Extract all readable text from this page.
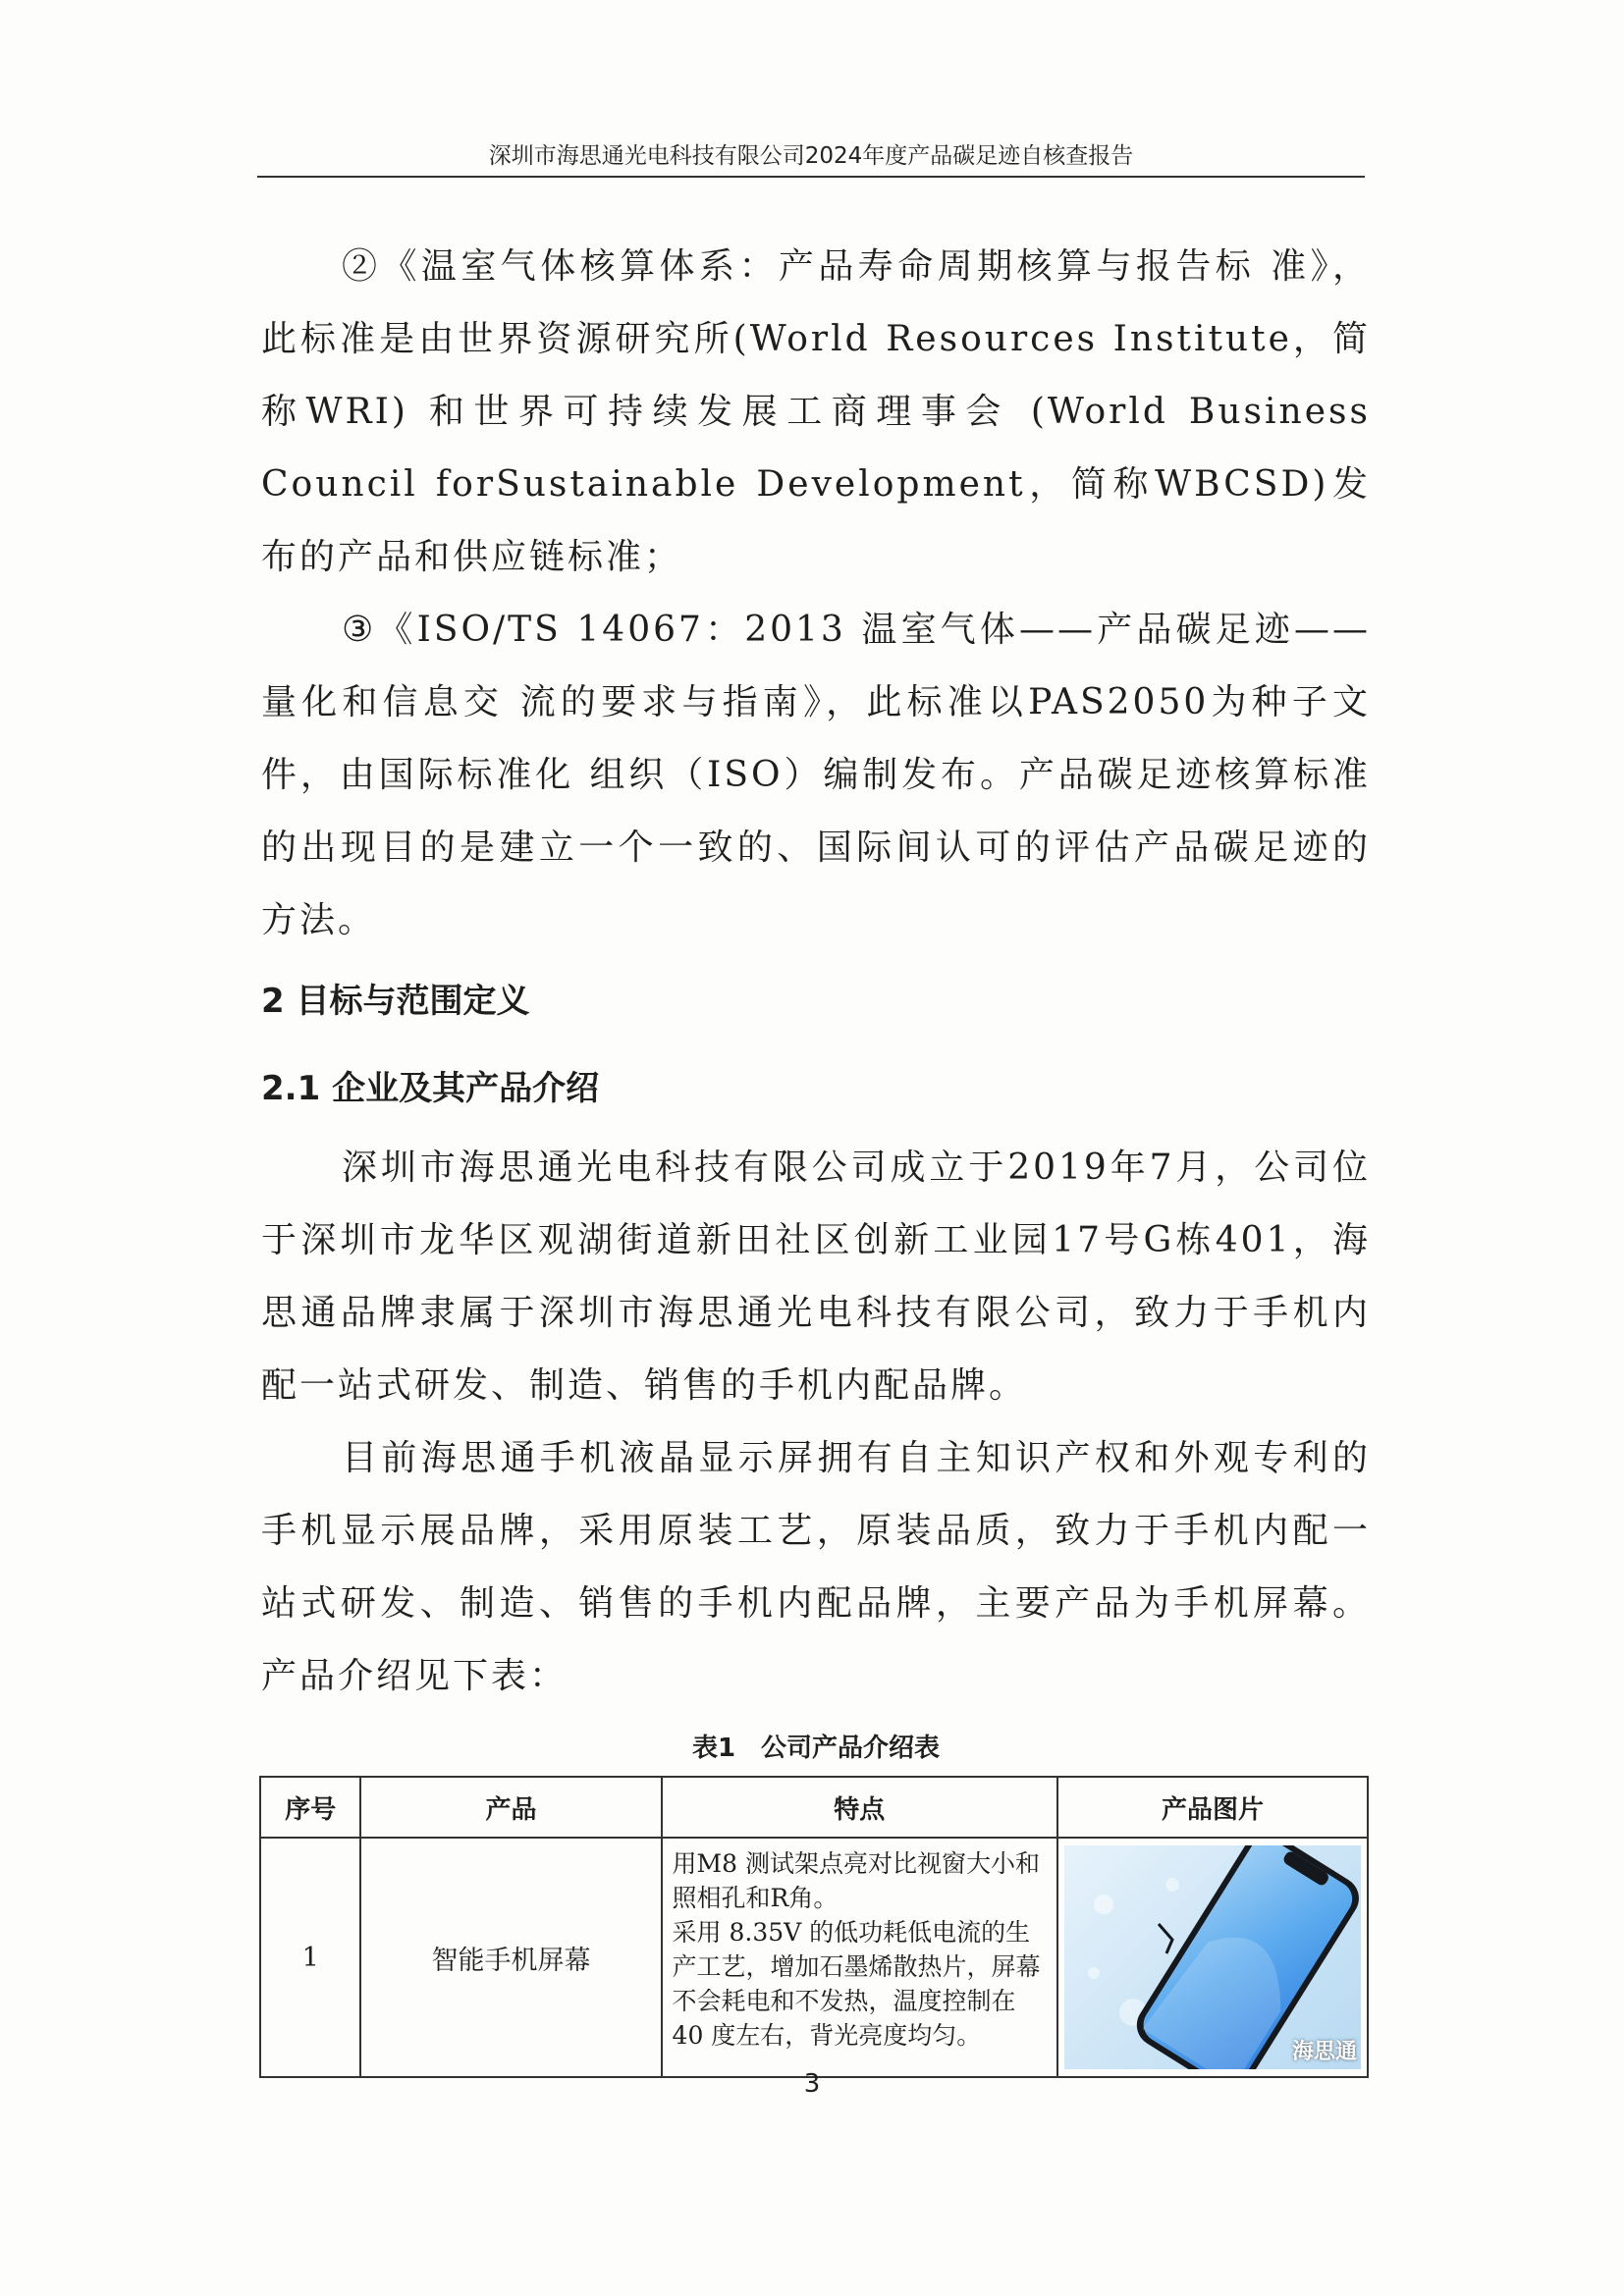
深圳市海思通光电科技有限公司2024年度产品碳足迹自核查报告

②《温室气体核算体系：产品寿命周期核算与报告标 准》，此标准是由世界资源研究所(World Resources Institute，简称WRI) 和世界可持续发展工商理事会 (World Business Council forSustainable Development，简称WBCSD)发布的产品和供应链标准；

③《ISO/TS 14067：2013 温室气体——产品碳足迹——量化和信息交 流的要求与指南》，此标准以PAS2050为种子文件，由国际标准化 组织（ISO）编制发布。产品碳足迹核算标准的出现目的是建立一个一致的、国际间认可的评估产品碳足迹的方法。

2 目标与范围定义
2.1 企业及其产品介绍

深圳市海思通光电科技有限公司成立于2019年7月，公司位于深圳市龙华区观湖街道新田社区创新工业园17号G栋401，海思通品牌隶属于深圳市海思通光电科技有限公司，致力于手机内配一站式研发、制造、销售的手机内配品牌。

目前海思通手机液晶显示屏拥有自主知识产权和外观专利的手机显示展品牌，采用原装工艺，原装品质，致力于手机内配一站式研发、制造、销售的手机内配品牌，主要产品为手机屏幕。产品介绍见下表：

表1　公司产品介绍表
序号	产品	特点	产品图片
1	智能手机屏幕	用M8 测试架点亮对比视窗大小和照相孔和R角。
采用 8.35V 的低功耗低电流的生产工艺，增加石墨烯散热片，屏幕不会耗电和不发热，温度控制在 40 度左右，背光亮度均匀。	海思通
3
